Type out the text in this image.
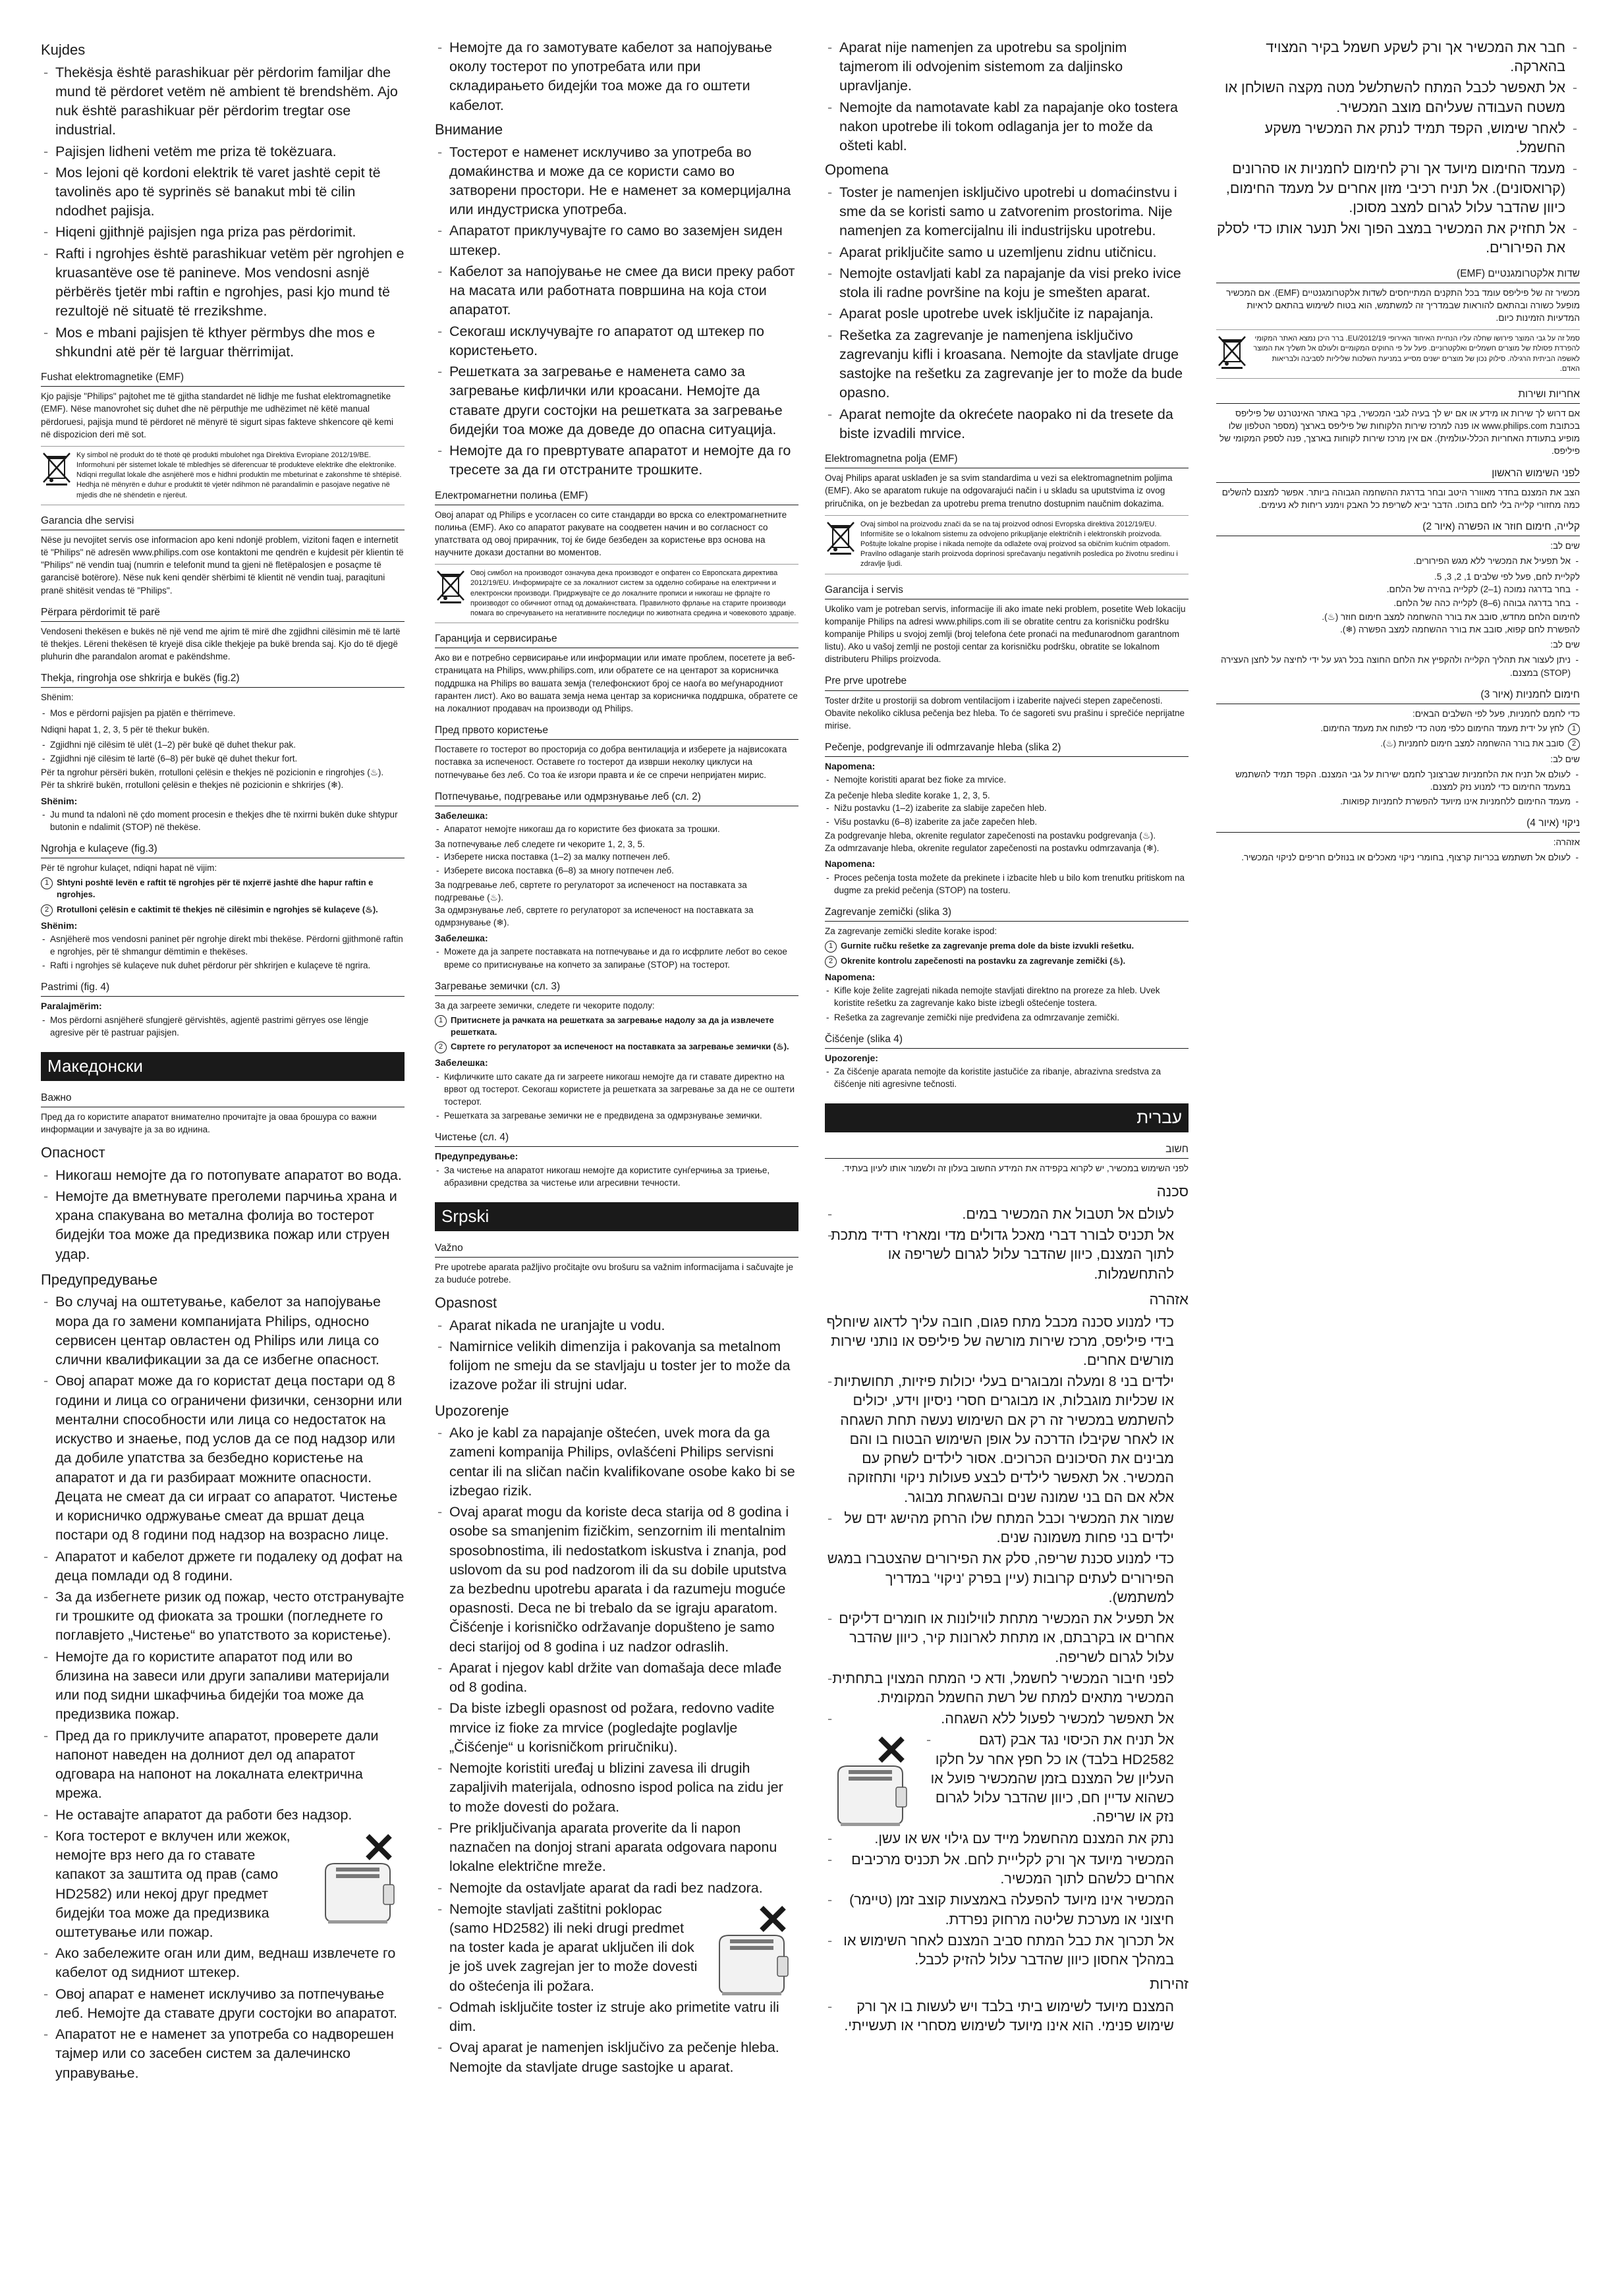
Kujdes
- Thekësja është parashikuar për përdorim familjar dhe mund të përdoret vetëm në ambient të brendshëm. Ajo nuk është parashikuar për përdorim tregtar ose industrial.
- Pajisjen lidheni vetëm me priza të tokëzuara.
- Mos lejoni që kordoni elektrik të varet jashtë cepit të tavolinës apo të syprinës së banakut mbi të cilin ndodhet pajisja.
- Hiqeni gjithnjë pajisjen nga priza pas përdorimit.
- Rafti i ngrohjes është parashikuar vetëm për ngrohjen e kruasantëve ose të panineve. Mos vendosni asnjë përbërës tjetër mbi raftin e ngrohjes, pasi kjo mund të rezultojë në situatë të rrezikshme.
- Mos e mbani pajisjen të kthyer përmbys dhe mos e shkundni atë për të larguar thërrimijat.
Fushat elektromagnetike (EMF)
Kjo pajisje "Philips" pajtohet me të gjitha standardet në lidhje me fushat elektromagnetike (EMF). Nëse manovrohet siç duhet dhe në përputhje me udhëzimet në këtë manual përdoruesi, pajisja mund të përdoret në mënyrë të sigurt sipas fakteve shkencore që kemi në dispozicion deri më sot.
Ky simbol në produkt do të thotë që produkti mbulohet nga Direktiva Evropiane 2012/19/BE. Informohuni për sistemet lokale të mbledhjes së diferencuar të produkteve elektrike dhe elektronike. Ndiqni rregullat lokale dhe asnjëherë mos e hidhni produktin me mbeturinat e zakonshme të shtëpisë. Hedhja në mënyrën e duhur e produktit të vjetër ndihmon në parandalimin e pasojave negative në mjedis dhe në shëndetin e njerëut.
Garancia dhe servisi
Nëse ju nevojitet servis ose informacion apo keni ndonjë problem, vizitoni faqen e internetit të "Philips" në adresën www.philips.com ose kontaktoni me qendrën e kujdesit për klientin të "Philips" në vendin tuaj (numrin e telefonit mund ta gjeni në fletëpalosjen e posaçme të garancisë botërore). Nëse nuk keni qendër shërbimi të klientit në vendin tuaj, paraqituni pranë shitësit vendas të "Philips".
Përpara përdorimit të parë
Vendoseni thekësen e bukës në një vend me ajrim të mirë dhe zgjidhni cilësimin më të lartë të thekjes. Lëreni thekësen të kryejë disa cikle thekjeje pa bukë brenda saj. Kjo do të djegë pluhurin dhe parandalon aromat e pakëndshme.
Thekja, ringrohja ose shkrirja e bukës (fig.2)
Shënim:
- Mos e përdorni pajisjen pa pjatën e thërrimeve.
Ndiqni hapat 1, 2, 3, 5 për të thekur bukën.
- Zgjidhni një cilësim të ulët (1–2) për bukë që duhet thekur pak.
- Zgjidhni një cilësim të lartë (6–8) për bukë që duhet thekur fort.
Për ta ngrohur përsëri bukën, rrotulloni çelësin e thekjes në pozicionin e ringrohjes (♨).
Për ta shkrirë bukën, rrotulloni çelësin e thekjes në pozicionin e shkrirjes (❄).
Shënim:
- Ju mund ta ndalonì në çdo moment procesin e thekjes dhe të nxirrni bukën duke shtypur butonin e ndalimit (STOP) në thekëse.
Ngrohja e kulaçeve (fig.3)
Për të ngrohur kulaçet, ndiqni hapat në vijim:
1 Shtyni poshtë levën e raftit të ngrohjes për të nxjerrë jashtë dhe hapur raftin e ngrohjes.
2 Rrotulloni çelësin e caktimit të thekjes në cilësimin e ngrohjes së kulaçeve (♨).
Shënim:
- Asnjëherë mos vendosni paninet për ngrohje direkt mbi thekëse. Përdorni gjithmonë raftin e ngrohjes, për të shmangur dëmtimin e thekëses.
- Rafti i ngrohjes së kulaçeve nuk duhet përdorur për shkrirjen e kulaçeve të ngrira.
Pastrimi (fig. 4)
Paralajmërim:
- Mos përdorni asnjëherë sfungjerë gërvishtës, agjentë pastrimi gërryes ose lëngje agresive për të pastruar pajisjen.
Македонски
Важно
Пред да го користите апаратот внимателно прочитајте ја оваа брошура со важни информации и зачувајте ја за во иднина.
Опасност
- Никогаш немојте да го потопувате апаратот во вода.
- Немојте да вметнувате преголеми парчиња храна и храна спакувана во метална фолија во тостерот бидејќи тоа може да предизвика пожар или струен удар.
Предупредување
- Во случај на оштетување, кабелот за напојување мора да го замени компанијата Philips, односно сервисен центар овластен од Philips или лица со слични квалификации за да се избегне опасност.
- Овој апарат може да го користат деца постари од 8 години и лица со ограничени физички, сензорни или ментални способности или лица со недостаток на искуство и знаење, под услов да се под надзор или да добиле упатства за безбедно користење на апаратот и да ги разбираат можните опасности. Децата не смеат да си играат со апаратот. Чистење и корисничко одржување смеат да вршат деца постари од 8 години под надзор на возрасно лице.
- Апаратот и кабелот држете ги подалеку од дофат на деца помлади од 8 години.
- За да избегнете ризик од пожар, често отстранувајте ги трошките од фиоката за трошки (погледнете го поглавјето „Чистење“ во упатството за користење).
- Немојте да го користите апаратот под или во близина на завеси или други запаливи материјали или под ѕидни шкафчиња бидејќи тоа може да предизвика пожар.
- Пред да го приклучите апаратот, проверете дали напонот наведен на долниот дел од апаратот одговара на напонот на локалната електрична мрежа.
- Не оставајте апаратот да работи без надзор.
- Кога тостерот е вклучен или жежок, немојте врз него да го ставате капакот за заштита од прав (само HD2582) или некој друг предмет бидејќи тоа може да предизвика оштетување или пожар.
- Ако забележите оган или дим, веднаш извлечете го кабелот од ѕидниот штекер.
- Овој апарат е наменет исклучиво за потпечување леб. Немојте да ставате други состојки во апаратот.
- Апаратот не е наменет за употреба со надворешен тајмер или со засебен систем за далечинско управување.
- Немојте да го замотувате кабелот за напојување околу тостерот по употребата или при складирањето бидејќи тоа може да го оштети кабелот.
Внимание
- Тостерот е наменет исклучиво за употреба во домаќинства и може да се користи само во затворени простори. Не е наменет за комерцијална или индустриска употреба.
- Апаратот приклучувајте го само во заземјен ѕиден штекер.
- Кабелот за напојување не смее да виси преку работ на масата или работната површина на која стои апаратот.
- Секогаш исклучувајте го апаратот од штекер по користењето.
- Решетката за загревање е наменета само за загревање кифлички или кроасани. Немојте да ставате други состојки на решетката за загревање бидејќи тоа може да доведе до опасна ситуација.
- Немојте да го превртувате апаратот и немојте да го тресете за да ги отстраните трошките.
Електромагнетни полиња (EMF)
Овој апарат од Philips е усогласен со сите стандарди во врска со електромагнетните полиња (EMF). Ако со апаратот ракувате на соодветен начин и во согласност со упатствата од овој прирачник, тој ќе биде безбеден за користење врз основа на научните докази достапни во моментов.
Овој симбол на производот означува дека производот е опфатен со Европската директива 2012/19/EU. Информирајте се за локалниот систем за одделно собирање на електрични и електронски производи. Придржувајте се до локалните прописи и никогаш не фрлајте го производот со обичниот отпад од домаќинствата. Правилното фрлање на старите производи помага во спречувањето на негативните последици по животната средина и човековото здравје.
Гаранција и сервисирање
Ако ви е потребно сервисирање или информации или имате проблем, посетете ја веб-страницата на Philips, www.philips.com, или обратете се на центарот за корисничка поддршка на Philips во вашата земја (телефонскиот број се наоѓа во меѓународниот гарантен лист). Ако во вашата земја нема центар за корисничка поддршка, обратете се на локалниот продавач на производи од Philips.
Пред првото користење
Поставете го тостерот во просторија со добра вентилација и изберете ја највисоката поставка за испеченост. Оставете го тостерот да изврши неколку циклуси на потпечување без леб. Со тоа ќе изгори правта и ќе се спречи непријатен мирис.
Потпечување, подгревање или одмрзнување леб (сл. 2)
Забелешка:
- Апаратот немојте никогаш да го користите без фиоката за трошки.
За потпечување леб следете ги чекорите 1, 2, 3, 5.
- Изберете ниска поставка (1–2) за малку потпечен леб.
- Изберете висока поставка (6–8) за многу потпечен леб.
За подгревање леб, свртете го регулаторот за испеченост на поставката за подгревање (♨).
За одмрзнување леб, свртете го регулаторот за испеченост на поставката за одмрзнување (❄).
Забелешка:
- Можете да ја запрете поставката на потпечување и да го исфрлите лебот во секое време со притиснување на копчето за запирање (STOP) на тостерот.
Загревање земички (сл. 3)
За да загреете земички, следете ги чекорите подолу:
1 Притиснете ја рачката на решетката за загревање надолу за да ја извлечете решетката.
2 Свртете го регулаторот за испеченост на поставката за загревање земички (♨).
Забелешка:
- Кифличките што сакате да ги загреете никогаш немојте да ги ставате директно на врвот од тостерот. Секогаш користете ја решетката за загревање за да не се оштети тостерот.
- Решетката за загревање земички не е предвидена за одмрзнување земички.
Чистење (сл. 4)
Предупредување:
- За чистење на апаратот никогаш немојте да користите сунѓерчиња за триење, абразивни средства за чистење или агресивни течности.
Srpski
Važno
Pre upotrebe aparata pažljivo pročitajte ovu brošuru sa važnim informacijama i sačuvajte je za buduće potrebe.
Opasnost
- Aparat nikada ne uranjajte u vodu.
- Namirnice velikih dimenzija i pakovanja sa metalnom folijom ne smeju da se stavljaju u toster jer to može da izazove požar ili strujni udar.
Upozorenje
- Ako je kabl za napajanje oštećen, uvek mora da ga zameni kompanija Philips, ovlašćeni Philips servisni centar ili na sličan način kvalifikovane osobe kako bi se izbegao rizik.
- Ovaj aparat mogu da koriste deca starija od 8 godina i osobe sa smanjenim fizičkim, senzornim ili mentalnim sposobnostima, ili nedostatkom iskustva i znanja, pod uslovom da su pod nadzorom ili da su dobile uputstva za bezbednu upotrebu aparata i da razumeju moguće opasnosti. Deca ne bi trebalo da se igraju aparatom. Čišćenje i korisničko održavanje dopušteno je samo deci starijoj od 8 godina i uz nadzor odraslih.
- Aparat i njegov kabl držite van domašaja dece mlađe od 8 godina.
- Da biste izbegli opasnost od požara, redovno vadite mrvice iz fioke za mrvice (pogledajte poglavlje „Čišćenje“ u korisničkom priručniku).
- Nemojte koristiti uređaj u blizini zavesa ili drugih zapaljivih materijala, odnosno ispod polica na zidu jer to može dovesti do požara.
- Pre priključivanja aparata proverite da li napon naznačen na donjoj strani aparata odgovara naponu lokalne električne mreže.
- Nemojte da ostavljate aparat da radi bez nadzora.
- Nemojte stavljati zaštitni poklopac (samo HD2582) ili neki drugi predmet na toster kada je aparat uključen ili dok je još uvek zagrejan jer to može dovesti do oštećenja ili požara.
- Odmah isključite toster iz struje ako primetite vatru ili dim.
- Ovaj aparat je namenjen isključivo za pečenje hleba. Nemojte da stavljate druge sastojke u aparat.
- Aparat nije namenjen za upotrebu sa spoljnim tajmerom ili odvojenim sistemom za daljinsko upravljanje.
- Nemojte da namotavate kabl za napajanje oko tostera nakon upotrebe ili tokom odlaganja jer to može da ošteti kabl.
Opomena
- Toster je namenjen isključivo upotrebi u domaćinstvu i sme da se koristi samo u zatvorenim prostorima. Nije namenjen za komercijalnu ili industrijsku upotrebu.
- Aparat priključite samo u uzemljenu zidnu utičnicu.
- Nemojte ostavljati kabl za napajanje da visi preko ivice stola ili radne površine na koju je smešten aparat.
- Aparat posle upotrebe uvek isključite iz napajanja.
- Rešetka za zagrevanje je namenjena isključivo zagrevanju kifli i kroasana. Nemojte da stavljate druge sastojke na rešetku za zagrevanje jer to može da bude opasno.
- Aparat nemojte da okrećete naopako ni da tresete da biste izvadili mrvice.
Elektromagnetna polja (EMF)
Ovaj Philips aparat usklađen je sa svim standardima u vezi sa elektromagnetnim poljima (EMF). Ako se aparatom rukuje na odgovarajući način i u skladu sa uputstvima iz ovog priručnika, on je bezbedan za upotrebu prema trenutno dostupnim naučnim dokazima.
Ovaj simbol na proizvodu znači da se na taj proizvod odnosi Evropska direktiva 2012/19/EU. Informišite se o lokalnom sistemu za odvojeno prikupljanje električnih i elektronskih proizvoda. Poštujte lokalne propise i nikada nemojte da odlažete ovaj proizvod sa običnim kućnim otpadom. Pravilno odlaganje starih proizvoda doprinosi sprečavanju negativnih posledica po životnu sredinu i zdravlje ljudi.
Garancija i servis
Ukoliko vam je potreban servis, informacije ili ako imate neki problem, posetite Web lokaciju kompanije Philips na adresi www.philips.com ili se obratite centru za korisničku podršku kompanije Philips u svojoj zemlji (broj telefona ćete pronaći na međunarodnom garantnom listu). Ako u vašoj zemlji ne postoji centar za korisničku podršku, obratite se lokalnom distributeru Philips proizvoda.
Pre prve upotrebe
Toster držite u prostoriji sa dobrom ventilacijom i izaberite najveći stepen zapečenosti. Obavite nekoliko ciklusa pečenja bez hleba. To će sagoreti svu prašinu i sprečiće neprijatne mirise.
Pečenje, podgrevanje ili odmrzavanje hleba (slika 2)
Napomena:
- Nemojte koristiti aparat bez fioke za mrvice.
Za pečenje hleba sledite korake 1, 2, 3, 5.
- Nižu postavku (1–2) izaberite za slabije zapečen hleb.
- Višu postavku (6–8) izaberite za jače zapečen hleb.
Za podgrevanje hleba, okrenite regulator zapečenosti na postavku podgrevanja (♨).
Za odmrzavanje hleba, okrenite regulator zapečenosti na postavku odmrzavanja (❄).
Napomena:
- Proces pečenja tosta možete da prekinete i izbacite hleb u bilo kom trenutku pritiskom na dugme za prekid pečenja (STOP) na tosteru.
Zagrevanje zemički (slika 3)
Za zagrevanje zemički sledite korake ispod:
1 Gurnite ručku rešetke za zagrevanje prema dole da biste izvukli rešetku.
2 Okrenite kontrolu zapečenosti na postavku za zagrevanje zemički (♨).
Napomena:
- Kifle koje želite zagrejati nikada nemojte stavljati direktno na proreze za hleb. Uvek koristite rešetku za zagrevanje kako biste izbegli oštećenje tostera.
- Rešetka za zagrevanje zemički nije predviđena za odmrzavanje zemički.
Čišćenje (slika 4)
Upozorenje:
- Za čišćenje aparata nemojte da koristite jastučiće za ribanje, abrazivna sredstva za čišćenje niti agresivne tečnosti.
עברית
חשוב
לפני השימוש במכשיר, יש לקרוא בקפידה את המידע החשוב בעלון זה ולשמור אותו לעיון בעתיד.
סכנה
- לעולם אל תטבול את המכשיר במים.
- אל תכניס לבורר דברי מאכל גדולים מדי ומארזי רדיד מתכת לתוך המצנם, כיוון שהדבר עלול לגרום לשריפה או להתחשמלות.
אזהרה
- כדי למנוע סכנה מכבל מתח פגום, חובה עליך לדאוג שיוחלף בידי פיליפס, מרכז שירות מורשה של פיליפס או נותני שירות מורשים אחרים.
- ילדים בני 8 ומעלה ומבוגרים בעלי יכולות פיזיות, תחושתיות או שכליות מוגבלות, או מבוגרים חסרי ניסיון וידע, יכולים להשתמש במכשיר זה רק אם השימוש נעשה תחת השגחה או לאחר שקיבלו הדרכה על אופן השימוש הבטוח בו והם מבינים את הסיכונים הכרוכים. אסור לילדים לשחק עם המכשיר. אל תאפשר לילדים לבצע פעולות ניקוי ותחזוקה אלא אם הם בני שמונה שנים ובהשגחת מבוגר.
- שמור את המכשיר וכבל המתח שלו הרחק מהישג ידם של ילדים בני פחות משמונה שנים.
- כדי למנוע סכנת שריפה, סלק את הפירורים שהצטברו במגש הפירורים לעתים קרובות (עיין בפרק 'ניקוי' במדריך למשתמש).
- אל תפעיל את המכשיר מתחת לווילונות או חומרים דליקים אחרים או בקרבתם, או מתחת לארונות קיר, כיוון שהדבר עלול לגרום לשריפה.
- לפני חיבור המכשיר לחשמל, ודא כי המתח המצוין בתחתית המכשיר מתאים למתח של רשת החשמל המקומית.
- אל תאפשר למכשיר לפעול ללא השגחה.
- אל תניח את הכיסוי נגד אבק (דגם HD2582 בלבד) או כל חפץ אחר על חלקו העליון של המצנם בזמן שהמכשיר פועל או כשהוא עדיין חם, כיוון שהדבר עלול לגרום נזק או שריפה.
- נתק את המצנם מהחשמל מייד עם גילוי אש או עשן.
- המכשיר מיועד אך ורק לקלייית לחם. אל תכניס מרכיבים אחרים כלשהם לתוך המכשיר.
- המכשיר אינו מיועד להפעלה באמצעות קוצב זמן (טיימר) חיצוני או מערכת שליטה מרחוק נפרדת.
- אל תכרוך את כבל המתח סביב המצנם לאחר השימוש או במהלך אחסון כיוון שהדבר עלול להזיק לכבל.
זהירות
- המצנם מיועד לשימוש ביתי בלבד ויש לעשות בו אך ורק שימוש פנימי. הוא אינו מיועד לשימוש מסחרי או תעשייתי.
- חבר את המכשיר אך ורק לשקע חשמל בקיר המצויד בהארקה.
- אל תאפשר לכבל המתח להשתלשל מטה מקצה השולחן או משטח העבודה שעליהם מוצב המכשיר.
- לאחר שימוש, הקפד תמיד לנתק את המכשיר משקע החשמל.
- מעמד החימום מיועד אך ורק לחימום לחמניות או סהרונים (קרואסונים). אל תניח רכיבי מזון אחרים על מעמד החימום, כיוון שהדבר עלול לגרום למצב מסוכן.
- אל תחזיק את המכשיר במצב הפוך ואל תנער אותו כדי לסלק את הפירורים.
שדות אלקטרומגנטיים (EMF)
מכשיר זה של פיליפס עומד בכל התקנים המתייחסים לשדות אלקטרומגנטיים (EMF). אם המכשיר מופעל כשורה ובהתאם להוראות שבמדריך זה למשתמש, הוא בטוח לשימוש בהתאם לראיות המדעיות הזמינות כיום.
סמל זה על גבי המוצר פירושו שחלה עליו הנחיית האיחוד האירופי EU/2012/19. ברר היכן נמצא האתר המקומי להפרדת פסולת של מוצרים חשמליים ואלקטרוניים. פעל על פי החוקים המקומיים ולעולם אל תשליך את המוצר לאשפה הביתית הרגילה. סילוק נכון של מוצרים ישנים מסייע במניעת השלכות שליליות לסביבה ולבריאות האדם.
אחריות ושירות
אם דרוש לך שירות או מידע או אם יש לך בעיה לגבי המכשיר, בקר באתר האינטרנט של פיליפס בכתובת www.philips.com או פנה למרכז שירות הלקוחות של פיליפס בארצך (מספר הטלפון שלו מופיע בתעודת האחריות הכלל-עולמית). אם אין מרכז שירות לקוחות בארצך, פנה לספק המקומי של פיליפס.
לפני השימוש הראשון
הצב את המצנם בחדר מאוורר היטב ובחר בדרגת ההשחמה הגבוהה ביותר. אפשר למצנם להשלים כמה מחזורי קלייה בלי לחם בתוכו. הדבר יביא לשריפת כל האבק ויִמנע ריחות לא נעימים.
קלייה, חימום חוזר או הפשרה (איור 2)
שים לב:
- אל תפעיל את המכשיר ללא מגש הפירורים.
לקליית לחם, פעל לפי שלבים 1, 2, 3, 5.
- בחר בדרגה נמוכה (1–2) לקלייה בהירה של הלחם.
- בחר בדרגה גבוהה (6–8) לקלייה כהה של הלחם.
לחימום הלחם מחדש, סובב את בורר ההשחמה למצב חימום חוזר (♨).
להפשרת לחם קפוא, סובב את בורר ההשחמה למצב הפשרה (❄).
שים לב:
- ניתן לעצור את תהליך הקלייה ולהקפיץ את הלחם החוצה בכל רגע על ידי לחיצה על לחצן העצירה (STOP) במצנם.
חימום לחמניות (איור 3)
כדי לחמם לחמניות, פעל לפי השלבים הבאים:
1
לחץ על ידית מעמד החימום כלפי מטה כדי לפתוח את מעמד החימום.
2
סובב את בורר ההשחמה למצב חימום לחמניות (♨).
שים לב:
- לעולם אל תניח את הלחמניות שברצונך לחמם ישירות על גבי המצנם. הקפד תמיד להשתמש במעמד החימום כדי למנוע נזק למצנם.
- מעמד החימום ללחמניות אינו מיועד להפשרת לחמניות קפואות.
ניקוי (איור 4)
אזהרה:
- לעולם אל תשתמש בכריות קרצוף, בחומרי ניקוי מאכלים או בנוזלים חריפים לניקוי המכשיר.
